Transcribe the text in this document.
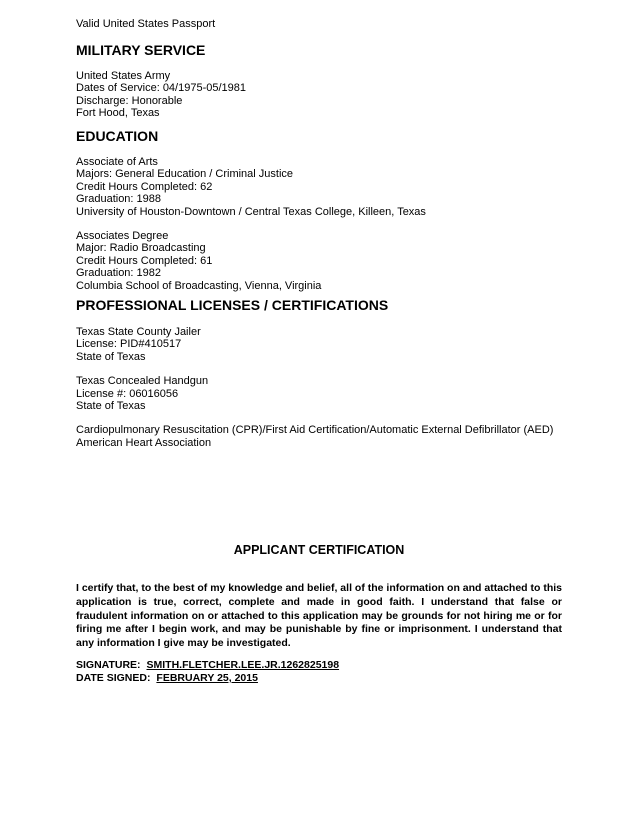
Valid United States Passport
MILITARY SERVICE
United States Army
Dates of Service: 04/1975-05/1981
Discharge: Honorable
Fort Hood, Texas
EDUCATION
Associate of Arts
Majors: General Education / Criminal Justice
Credit Hours Completed: 62
Graduation: 1988
University of Houston-Downtown / Central Texas College, Killeen, Texas
Associates Degree
Major: Radio Broadcasting
Credit Hours Completed: 61
Graduation: 1982
Columbia School of Broadcasting, Vienna, Virginia
PROFESSIONAL LICENSES / CERTIFICATIONS
Texas State County Jailer
License: PID#410517
State of Texas
Texas Concealed Handgun
License #: 06016056
State of Texas
Cardiopulmonary Resuscitation (CPR)/First Aid Certification/Automatic External Defibrillator (AED)
American Heart Association
APPLICANT CERTIFICATION

I certify that, to the best of my knowledge and belief, all of the information on and attached to this application is true, correct, complete and made in good faith. I understand that false or fraudulent information on or attached to this application may be grounds for not hiring me or for firing me after I begin work, and may be punishable by fine or imprisonment. I understand that any information I give may be investigated.

SIGNATURE: SMITH.FLETCHER.LEE.JR.1262825198
DATE SIGNED: FEBRUARY 25, 2015
